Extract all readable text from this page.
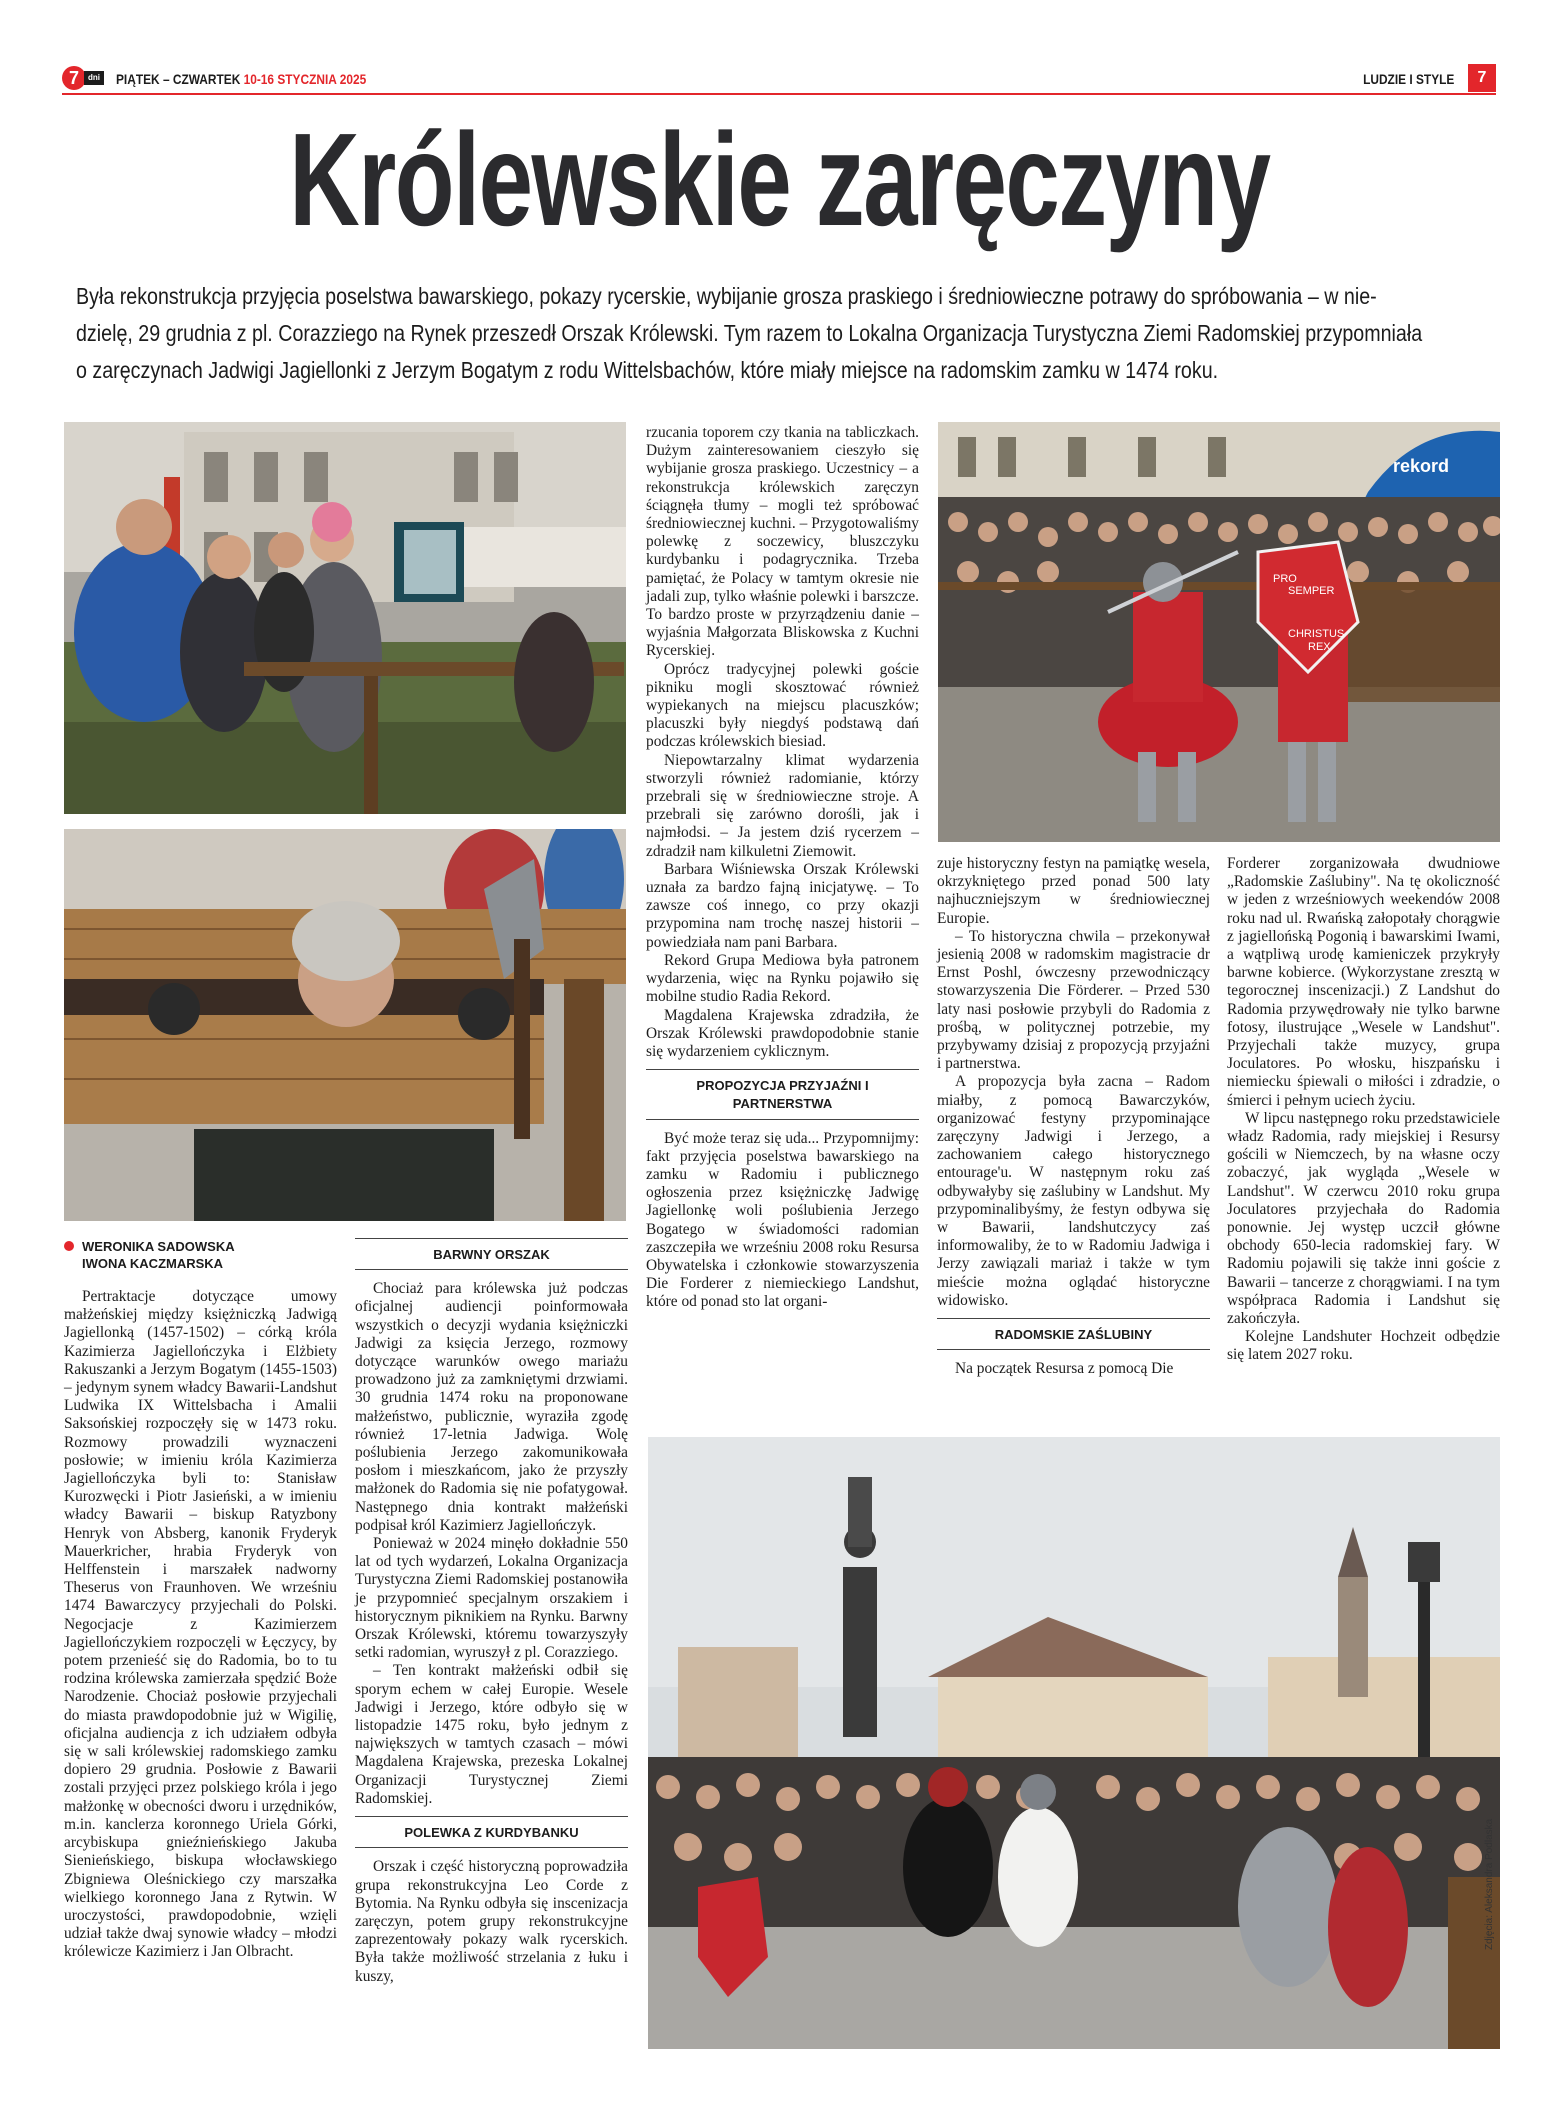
7	dni PIĄTEK – CZWARTEK 10-16 STYCZNIA 2025	LUDZIE I STYLE	7
Królewskie zaręczyny

Była rekonstrukcja przyjęcia poselstwa bawarskiego, pokazy rycerskie, wybijanie grosza praskiego i średniowieczne potrawy do spróbowania – w nie-

dzielę, 29 grudnia z pl. Corazziego na Rynek przeszedł Orszak Królewski. Tym razem to Lokalna Organizacja Turystyczna Ziemi Radomskiej przypomniała

o zaręczynach Jadwigi Jagiellonki z Jerzym Bogatym z rodu Wittelsbachów, które miały miejsce na radomskim zamku w 1474 roku.

rekord
PRO
SEMPER
CHRISTUS
REX
Zdjęcia: Aleksandra Podlaska
WERONIKA SADOWSKA
IWONA KACZMARSKA

Pertraktacje dotyczące umowy małżeńskiej między księżniczką Jadwigą Jagiellonką (1457-1502) – córką króla Kazimierza Jagiellończyka i Elżbiety Rakuszanki a Jerzym Bogatym (1455-1503) – jedynym synem władcy Bawarii-Landshut Ludwika IX Wittelsbacha i Amalii Saksońskiej rozpoczęły się w 1473 roku. Rozmowy prowadzili wyznaczeni posłowie; w imieniu króla Kazimierza Jagiellończyka byli to: Stanisław Kurozwęcki i Piotr Jasieński, a w imieniu władcy Bawarii – biskup Ratyzbony Henryk von Absberg, kanonik Fryderyk Mauerkricher, hrabia Fryderyk von Helffenstein i marszałek nadworny Theserus von Fraunhoven. We wrześniu 1474 Bawarczycy przyjechali do Polski. Negocjacje z Kazimierzem Jagiellończykiem rozpoczęli w Łęczycy, by potem przenieść się do Radomia, bo to tu rodzina królewska zamierzała spędzić Boże Narodzenie. Chociaż posłowie przyjechali do miasta prawdopodobnie już w Wigilię, oficjalna audiencja z ich udziałem odbyła się w sali królewskiej radomskiego zamku dopiero 29 grudnia. Posłowie z Bawarii zostali przyjęci przez polskiego króla i jego małżonkę w obecności dworu i urzędników, m.in. kanclerza koronnego Uriela Górki, arcybiskupa gnieźnieńskiego Jakuba Sienieńskiego, biskupa włocławskiego Zbigniewa Oleśnickiego czy marszałka wielkiego koronnego Jana z Rytwin. W uroczystości, prawdopodobnie, wzięli udział także dwaj synowie władcy – młodzi królewicze Kazimierz i Jan Olbracht.

BARWNY ORSZAK

Chociaż para królewska już podczas oficjalnej audiencji poinformowała wszystkich o decyzji wydania księżniczki Jadwigi za księcia Jerzego, rozmowy dotyczące warunków owego mariażu prowadzono już za zamkniętymi drzwiami. 30 grudnia 1474 roku na proponowane małżeństwo, publicznie, wyraziła zgodę również 17-letnia Jadwiga. Wolę poślubienia Jerzego zakomunikowała posłom i mieszkańcom, jako że przyszły małżonek do Radomia się nie pofatygował. Następnego dnia kontrakt małżeński podpisał król Kazimierz Jagiellończyk.

Ponieważ w 2024 minęło dokładnie 550 lat od tych wydarzeń, Lokalna Organizacja Turystyczna Ziemi Radomskiej postanowiła je przypomnieć specjalnym orszakiem i historycznym piknikiem na Rynku. Barwny Orszak Królewski, któremu towarzyszyły setki radomian, wyruszył z pl. Corazziego.

– Ten kontrakt małżeński odbił się sporym echem w całej Europie. Wesele Jadwigi i Jerzego, które odbyło się w listopadzie 1475 roku, było jednym z największych w tamtych czasach – mówi Magdalena Krajewska, prezeska Lokalnej Organizacji Turystycznej Ziemi Radomskiej.

POLEWKA Z KURDYBANKU

Orszak i część historyczną poprowadziła grupa rekonstrukcyjna Leo Corde z Bytomia. Na Rynku odbyła się inscenizacja zaręczyn, potem grupy rekonstrukcyjne zaprezentowały pokazy walk rycerskich. Była także możliwość strzelania z łuku i kuszy,

rzucania toporem czy tkania na tabliczkach. Dużym zainteresowaniem cieszyło się wybijanie grosza praskiego. Uczestnicy – a rekonstrukcja królewskich zaręczyn ściągnęła tłumy – mogli też spróbować średniowiecznej kuchni. – Przygotowaliśmy polewkę z soczewicy, bluszczyku kurdybanku i podagrycznika. Trzeba pamiętać, że Polacy w tamtym okresie nie jadali zup, tylko właśnie polewki i barszcze. To bardzo proste w przyrządzeniu danie – wyjaśnia Małgorzata Bliskowska z Kuchni Rycerskiej.

Oprócz tradycyjnej polewki goście pikniku mogli skosztować również wypiekanych na miejscu placuszków; placuszki były niegdyś podstawą dań podczas królewskich biesiad.

Niepowtarzalny klimat wydarzenia stworzyli również radomianie, którzy przebrali się w średniowieczne stroje. A przebrali się zarówno dorośli, jak i najmłodsi. – Ja jestem dziś rycerzem – zdradził nam kilkuletni Ziemowit.

Barbara Wiśniewska Orszak Królewski uznała za bardzo fajną inicjatywę. – To zawsze coś innego, co przy okazji przypomina nam trochę naszej historii – powiedziała nam pani Barbara.

Rekord Grupa Mediowa była patronem wydarzenia, więc na Rynku pojawiło się mobilne studio Radia Rekord.

Magdalena Krajewska zdradziła, że Orszak Królewski prawdopodobnie stanie się wydarzeniem cyklicznym.

PROPOZYCJA PRZYJAŹNI I PARTNERSTWA

Być może teraz się uda... Przypomnijmy: fakt przyjęcia poselstwa bawarskiego na zamku w Radomiu i publicznego ogłoszenia przez księżniczkę Jadwigę Jagiellonkę woli poślubienia Jerzego Bogatego w świadomości radomian zaszczepiła we wrześniu 2008 roku Resursa Obywatelska i członkowie stowarzyszenia Die Forderer z niemieckiego Landshut, które od ponad sto lat organi-

zuje historyczny festyn na pamiątkę wesela, okrzykniętego przed ponad 500 laty najhuczniejszym w średniowiecznej Europie.

– To historyczna chwila – przekonywał jesienią 2008 w radomskim magistracie dr Ernst Poshl, ówczesny przewodniczący stowarzyszenia Die Förderer. – Przed 530 laty nasi posłowie przybyli do Radomia z prośbą, w politycznej potrzebie, my przybywamy dzisiaj z propozycją przyjaźni i partnerstwa.

A propozycja była zacna – Radom miałby, z pomocą Bawarczyków, organizować festyny przypominające zaręczyny Jadwigi i Jerzego, a zachowaniem całego historycznego entourage'u. W następnym roku zaś odbywałyby się zaślubiny w Landshut. My przypominalibyśmy, że festyn odbywa się w Bawarii, landshutczycy zaś informowaliby, że to w Radomiu Jadwiga i Jerzy zawiązali mariaż i także w tym mieście można oglądać historyczne widowisko.

RADOMSKIE ZAŚLUBINY

Na początek Resursa z pomocą Die

Forderer zorganizowała dwudniowe „Radomskie Zaślubiny". Na tę okoliczność w jeden z wrześniowych weekendów 2008 roku nad ul. Rwańską załopotały chorągwie z jagiellońską Pogonią i bawarskimi Iwami, a wątpliwą urodę kamieniczek przykryły barwne kobierce. (Wykorzystane zresztą w tegorocznej inscenizacji.) Z Landshut do Radomia przywędrowały nie tylko barwne fotosy, ilustrujące „Wesele w Landshut". Przyjechali także muzycy, grupa Joculatores. Po włosku, hiszpańsku i niemiecku śpiewali o miłości i zdradzie, o śmierci i pełnym uciech życiu.

W lipcu następnego roku przedstawiciele władz Radomia, rady miejskiej i Resursy gościli w Niemczech, by na własne oczy zobaczyć, jak wygląda „Wesele w Landshut". W czerwcu 2010 roku grupa Joculatores przyjechała do Radomia ponownie. Jej występ uczcił główne obchody 650-lecia radomskiej fary. W Radomiu pojawili się także inni goście z Bawarii – tancerze z chorągwiami. I na tym współpraca Radomia i Landshut się zakończyła.

Kolejne Landshuter Hochzeit odbędzie się latem 2027 roku.
